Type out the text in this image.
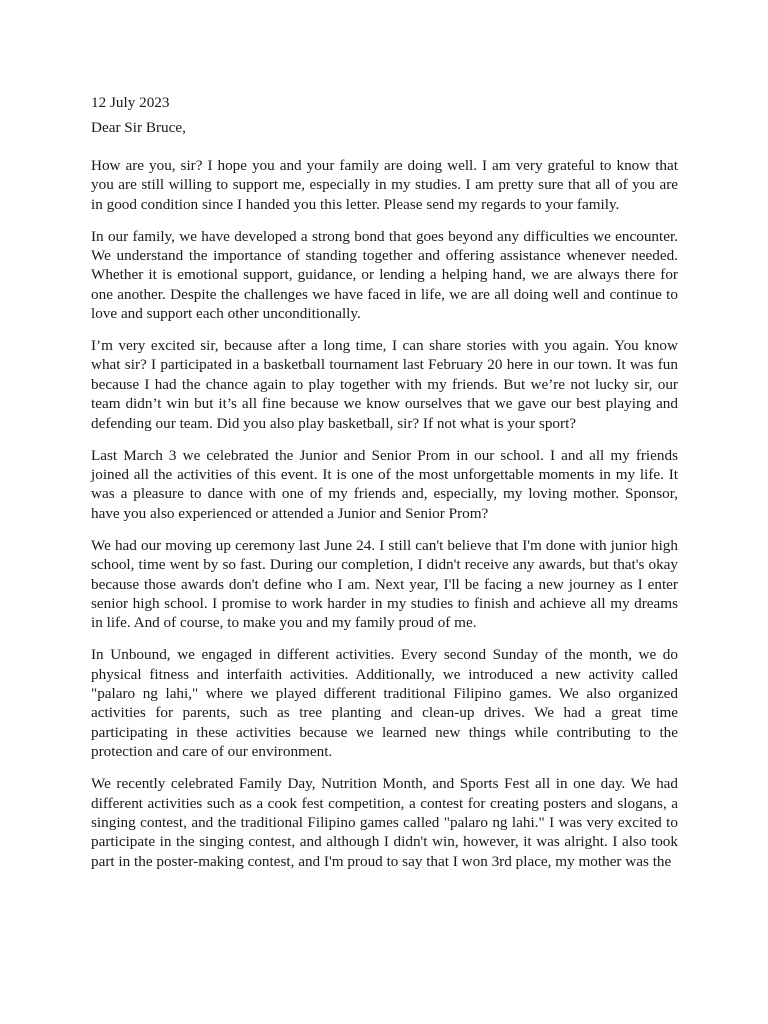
12 July 2023

Dear Sir Bruce,

How are you, sir? I hope you and your family are doing well. I am very grateful to know that you are still willing to support me, especially in my studies. I am pretty sure that all of you are in good condition since I handed you this letter. Please send my regards to your family.

In our family, we have developed a strong bond that goes beyond any difficulties we encounter. We understand the importance of standing together and offering assistance whenever needed. Whether it is emotional support, guidance, or lending a helping hand, we are always there for one another. Despite the challenges we have faced in life, we are all doing well and continue to love and support each other unconditionally.

I’m very excited sir, because after a long time, I can share stories with you again. You know what sir? I participated in a basketball tournament last February 20 here in our town. It was fun because I had the chance again to play together with my friends. But we’re not lucky sir, our team didn’t win but it’s all fine because we know ourselves that we gave our best playing and defending our team. Did you also play basketball, sir? If not what is your sport?

Last March 3 we celebrated the Junior and Senior Prom in our school. I and all my friends joined all the activities of this event. It is one of the most unforgettable moments in my life. It was a pleasure to dance with one of my friends and, especially, my loving mother. Sponsor, have you also experienced or attended a Junior and Senior Prom?

We had our moving up ceremony last June 24. I still can't believe that I'm done with junior high school, time went by so fast. During our completion, I didn't receive any awards, but that's okay because those awards don't define who I am. Next year, I'll be facing a new journey as I enter senior high school. I promise to work harder in my studies to finish and achieve all my dreams in life. And of course, to make you and my family proud of me.

In Unbound, we engaged in different activities. Every second Sunday of the month, we do physical fitness and interfaith activities. Additionally, we introduced a new activity called "palaro ng lahi," where we played different traditional Filipino games. We also organized activities for parents, such as tree planting and clean-up drives. We had a great time participating in these activities because we learned new things while contributing to the protection and care of our environment.

We recently celebrated Family Day, Nutrition Month, and Sports Fest all in one day. We had different activities such as a cook fest competition, a contest for creating posters and slogans, a singing contest, and the traditional Filipino games called "palaro ng lahi." I was very excited to participate in the singing contest, and although I didn't win, however, it was alright. I also took part in the poster-making contest, and I'm proud to say that I won 3rd place, my mother was the
